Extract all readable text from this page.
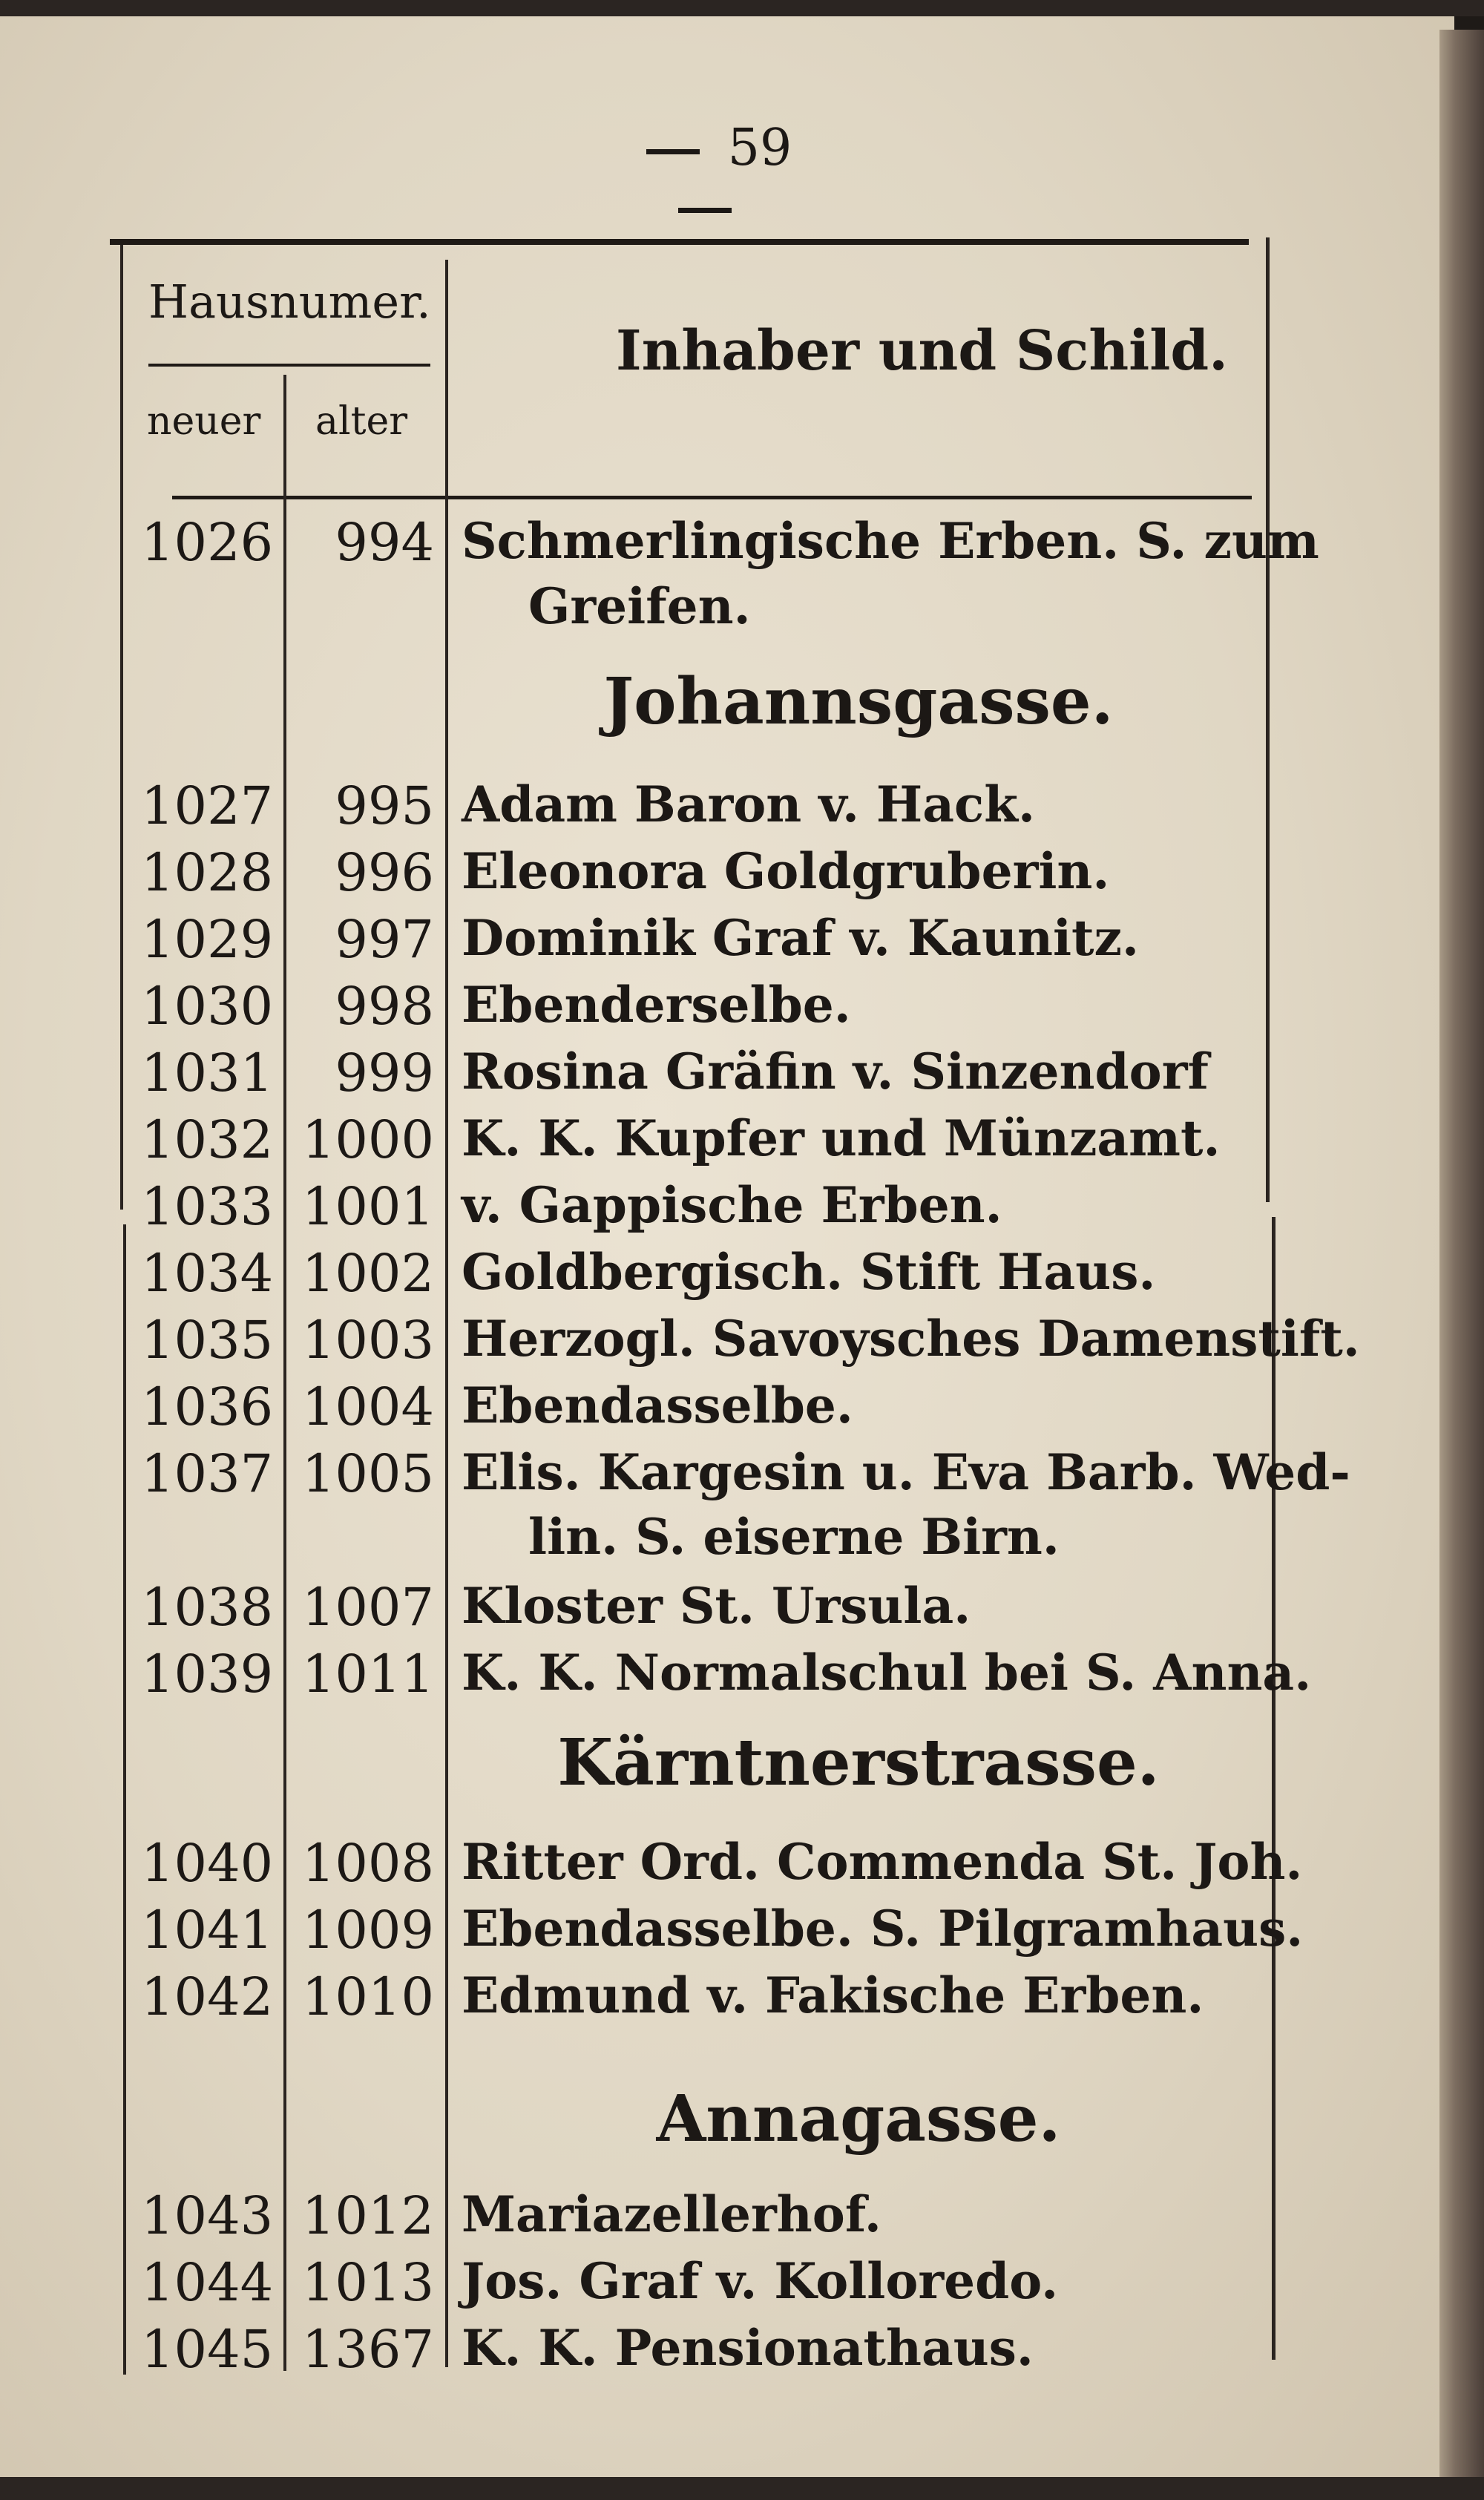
59
Hausnumer.
neuer alter
Inhaber und Schild.
1026	994 Schmerlingische Erben. S. zum
Greifen.
Johannsgasse.
1027	995 Adam Baron v. Hack.
1028	996 Eleonora Goldgruberin.
1029	997 Dominik Graf v. Kaunitz.
1030	998 Ebenderselbe.
1031	999 Rosina Gräfin v. Sinzendorf
1032 1000 K. K. Kupfer und Münzamt.
1033 1001 v. Gappische Erben.
1034 1002 Goldbergisch. Stift Haus.
1035 1003 Herzogl. Savoysches Damenstift.
1036 1004 Ebendasselbe.
1037 1005 Elis. Kargesin u. Eva Barb. Wed-
lin. S. eiserne Birn.
1038 1007 Kloster St. Ursula.
1039 1011 K. K. Normalschul bei S. Anna.
Kärntnerstrasse.
1040 1008 Ritter Ord. Commenda St. Joh.
1041 1009 Ebendasselbe. S. Pilgramhaus.
1042 1010 Edmund v. Fakische Erben.
Annagasse.
1043 1012 Mariazellerhof.
1044 1013 Jos. Graf v. Kolloredo.
1045 1367 K. K. Pensionathaus.
